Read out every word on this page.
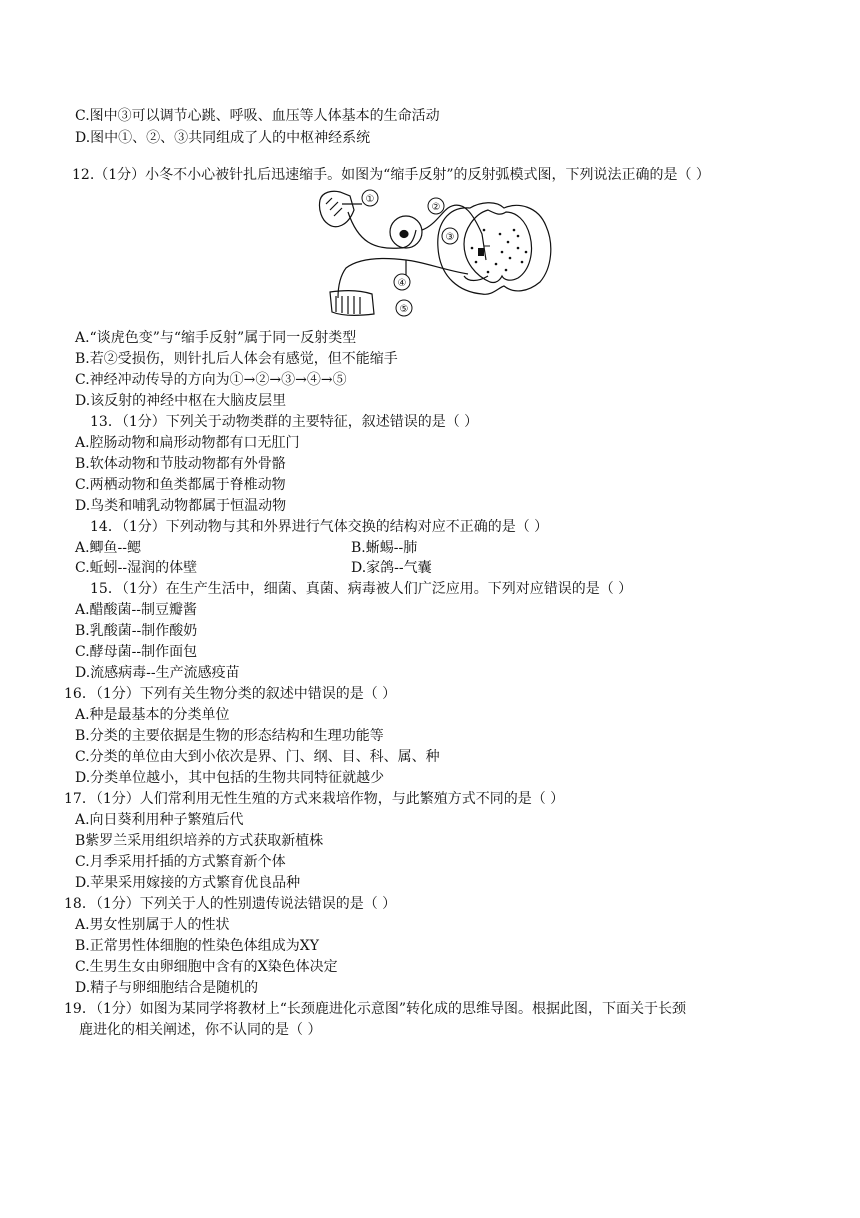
C.图中③可以调节心跳、呼吸、血压等人体基本的生命活动
D.图中①、②、③共同组成了人的中枢神经系统
12.（1分）小冬不小心被针扎后迅速缩手。如图为“缩手反射”的反射弧模式图，下列说法正确的是（ ）
①
②
③
④
⑤
A.“谈虎色变”与“缩手反射”属于同一反射类型
B.若②受损伤，则针扎后人体会有感觉，但不能缩手
C.神经冲动传导的方向为①→②→③→④→⑤
D.该反射的神经中枢在大脑皮层里
13．（1分）下列关于动物类群的主要特征，叙述错误的是（ ）
A.腔肠动物和扁形动物都有口无肛门
B.软体动物和节肢动物都有外骨骼
C.两栖动物和鱼类都属于脊椎动物
D.鸟类和哺乳动物都属于恒温动物
14．（1分）下列动物与其和外界进行气体交换的结构对应不正确的是（ ）
A.鲫鱼--鳃	B.蜥蜴--肺
C.蚯蚓--湿润的体壁	D.家鸽--气囊
15．（1分）在生产生活中，细菌、真菌、病毒被人们广泛应用。下列对应错误的是（ ）
A.醋酸菌--制豆瓣酱
B.乳酸菌--制作酸奶
C.酵母菌--制作面包
D.流感病毒--生产流感疫苗
16．（1分）下列有关生物分类的叙述中错误的是（ ）
A.种是最基本的分类单位
B.分类的主要依据是生物的形态结构和生理功能等
C.分类的单位由大到小依次是界、门、纲、目、科、属、种
D.分类单位越小，其中包括的生物共同特征就越少
17．（1分）人们常利用无性生殖的方式来栽培作物，与此繁殖方式不同的是（ ）
A.向日葵利用种子繁殖后代
B紫罗兰采用组织培养的方式获取新植株
C.月季采用扦插的方式繁育新个体
D.苹果采用嫁接的方式繁育优良品种
18．（1分）下列关于人的性别遗传说法错误的是（ ）
A.男女性别属于人的性状
B.正常男性体细胞的性染色体组成为XY
C.生男生女由卵细胞中含有的X染色体决定
D.精子与卵细胞结合是随机的
19．（1分）如图为某同学将教材上“长颈鹿进化示意图”转化成的思维导图。根据此图，下面关于长颈
鹿进化的相关阐述，你不认同的是（ ）
